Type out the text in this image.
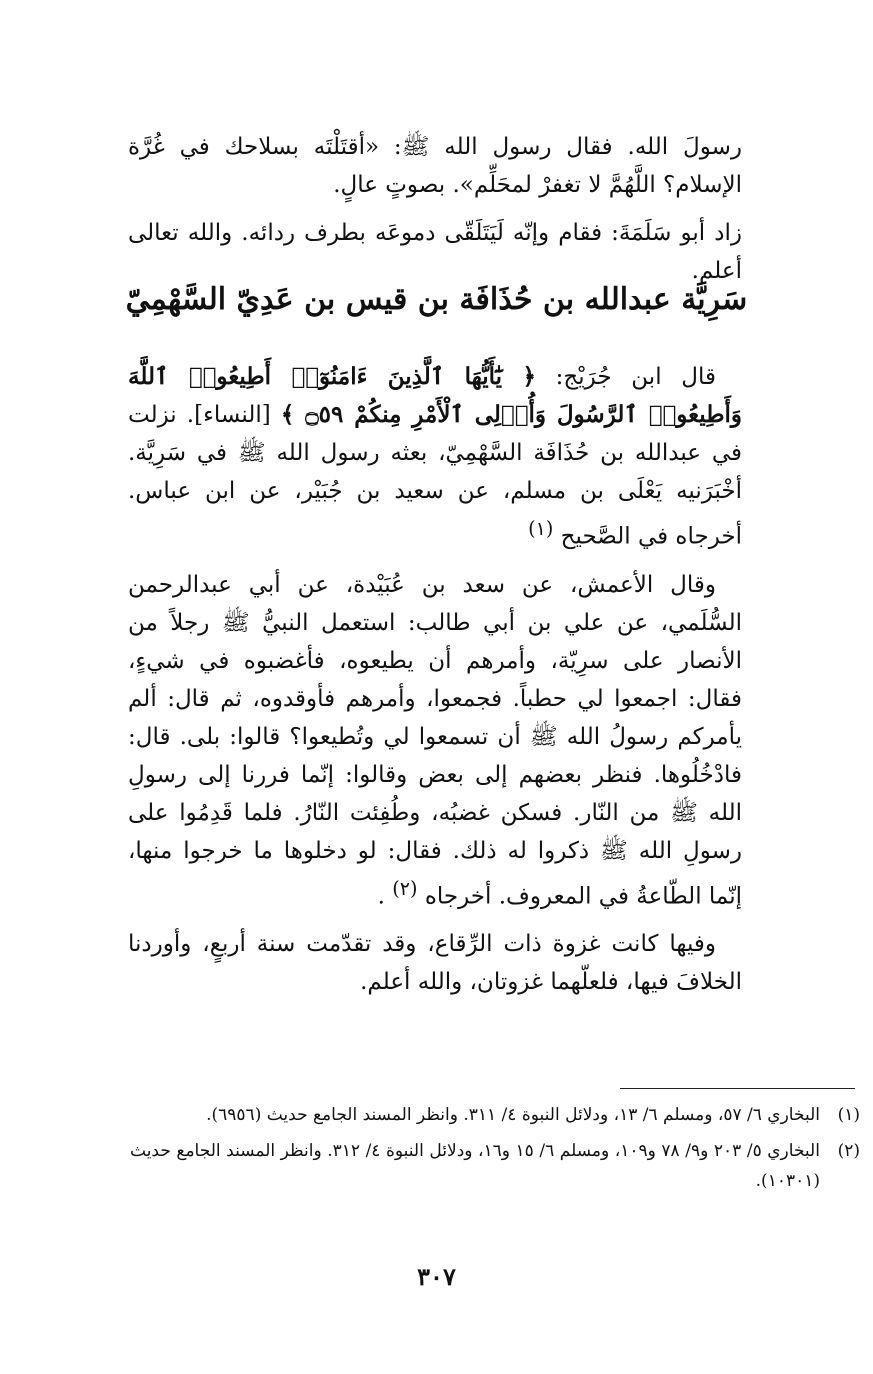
رسولَ الله. فقال رسول الله ﷺ: «أقتَلْتَه بسلاحك في غُرَّة الإسلام؟ اللَّهُمَّ لا تغفرْ لمحَلِّم». بصوتٍ عالٍ.

زاد أبو سَلَمَةَ: فقام وإنّه لَيَتَلَقّى دموعَه بطرف ردائه. والله تعالى أعلم.

سَرِيَّة عبدالله بن حُذَافَة بن قيس بن عَدِيّ السَّهْمِيّ

قال ابن جُرَيْج: ﴿ يَٰٓأَيُّهَا ٱلَّذِينَ ءَامَنُوٓا۟ أَطِيعُوا۟ ٱللَّهَ وَأَطِيعُوا۟ ٱلرَّسُولَ وَأُو۟لِى ٱلْأَمْرِ مِنكُمْ ۝٥٩ ﴾ [النساء]. نزلت في عبدالله بن حُذَافَة السَّهْمِيّ، بعثه رسول الله ﷺ في سَرِيَّة. أخْبَرَنيه يَعْلَى بن مسلم، عن سعيد بن جُبَيْر، عن ابن عباس. أخرجاه في الصَّحيح $^{(١)}$

وقال الأعمش، عن سعد بن عُبَيْدة، عن أبي عبدالرحمن السُّلَمي، عن علي بن أبي طالب: استعمل النبيُّ ﷺ رجلاً من الأنصار على سرِيّة، وأمرهم أن يطيعوه، فأغضبوه في شيءٍ، فقال: اجمعوا لي حطباً. فجمعوا، وأمرهم فأوقدوه، ثم قال: ألم يأمركم رسولُ الله ﷺ أن تسمعوا لي وتُطيعوا؟ قالوا: بلى. قال: فادْخُلُوها. فنظر بعضهم إلى بعض وقالوا: إنّما فررنا إلى رسولِ الله ﷺ من النّار. فسكن غضبُه، وطُفِئت النّارُ. فلما قَدِمُوا على رسولِ الله ﷺ ذكروا له ذلك. فقال: لو دخلوها ما خرجوا منها، إنّما الطّاعةُ في المعروف. أخرجاه $^{(٢)}$ .

وفيها كانت غزوة ذات الرِّقاع، وقد تقدّمت سنة أربعٍ، وأوردنا الخلافَ فيها، فلعلّهما غزوتان، والله أعلم.

(١)
البخاري ٦/ ٥٧، ومسلم ٦/ ١٣، ودلائل النبوة ٤/ ٣١١. وانظر المسند الجامع حديث (٦٩٥٦).
(٢)
البخاري ٥/ ٢٠٣ و٩/ ٧٨ و١٠٩، ومسلم ٦/ ١٥ و١٦، ودلائل النبوة ٤/ ٣١٢. وانظر المسند الجامع حديث (١٠٣٠١).
٣٠٧
